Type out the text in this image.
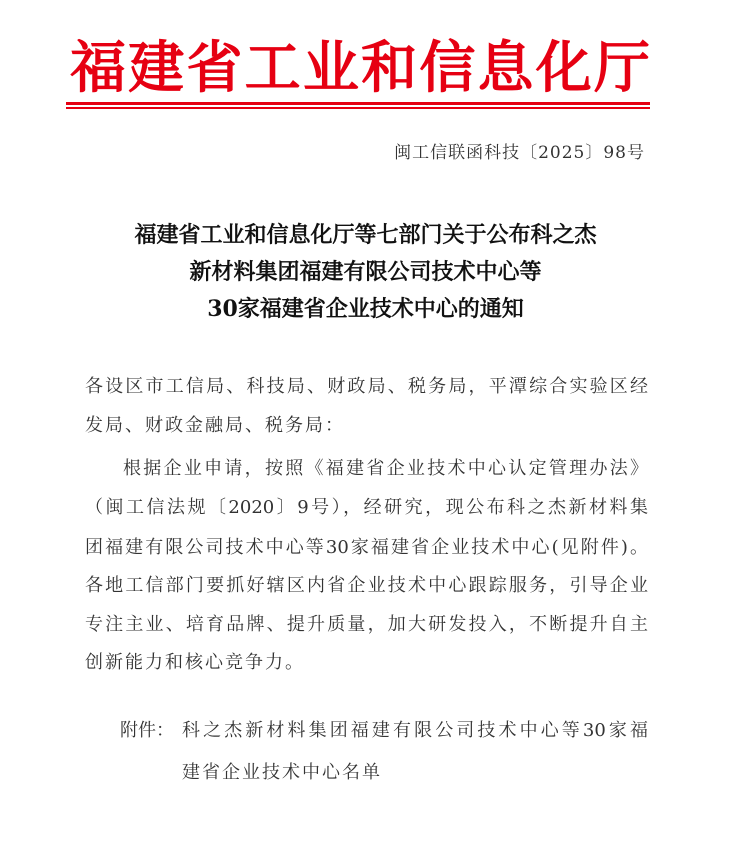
福建省工业和信息化厅
闽工信联函科技〔2025〕98号
福建省工业和信息化厅等七部门关于公布科之杰
新材料集团福建有限公司技术中心等
30家福建省企业技术中心的通知
各设区市工信局、科技局、财政局、税务局，平潭综合实验区经
发局、财政金融局、税务局：
根据企业申请，按照《福建省企业技术中心认定管理办法》
（闽工信法规〔2020〕9号），经研究，现公布科之杰新材料集
团福建有限公司技术中心等30家福建省企业技术中心(见附件)。
各地工信部门要抓好辖区内省企业技术中心跟踪服务，引导企业
专注主业、培育品牌、提升质量，加大研发投入，不断提升自主
创新能力和核心竞争力。
附件： 科之杰新材料集团福建有限公司技术中心等30家福
建省企业技术中心名单
